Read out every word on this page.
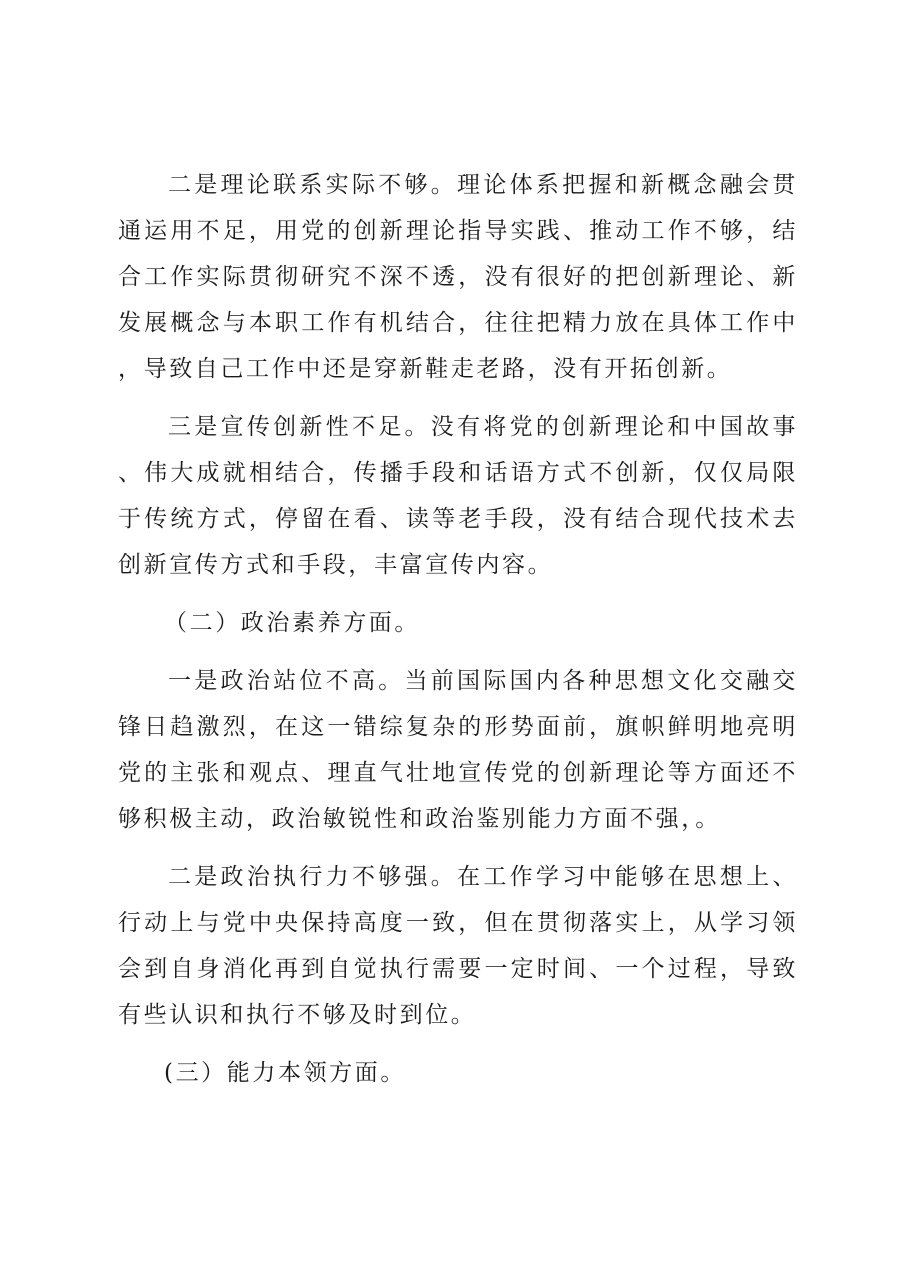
二是理论联系实际不够。理论体系把握和新概念融会贯通运用不足，用党的创新理论指导实践、推动工作不够，结合工作实际贯彻研究不深不透，没有很好的把创新理论、新发展概念与本职工作有机结合，往往把精力放在具体工作中，导致自己工作中还是穿新鞋走老路，没有开拓创新。

三是宣传创新性不足。没有将党的创新理论和中国故事、伟大成就相结合，传播手段和话语方式不创新，仅仅局限于传统方式，停留在看、读等老手段，没有结合现代技术去创新宣传方式和手段，丰富宣传内容。

（二）政治素养方面。

一是政治站位不高。当前国际国内各种思想文化交融交锋日趋激烈，在这一错综复杂的形势面前，旗帜鲜明地亮明党的主张和观点、理直气壮地宣传党的创新理论等方面还不够积极主动，政治敏锐性和政治鉴别能力方面不强，。

二是政治执行力不够强。在工作学习中能够在思想上、行动上与党中央保持高度一致，但在贯彻落实上，从学习领会到自身消化再到自觉执行需要一定时间、一个过程，导致有些认识和执行不够及时到位。

(三）能力本领方面。
